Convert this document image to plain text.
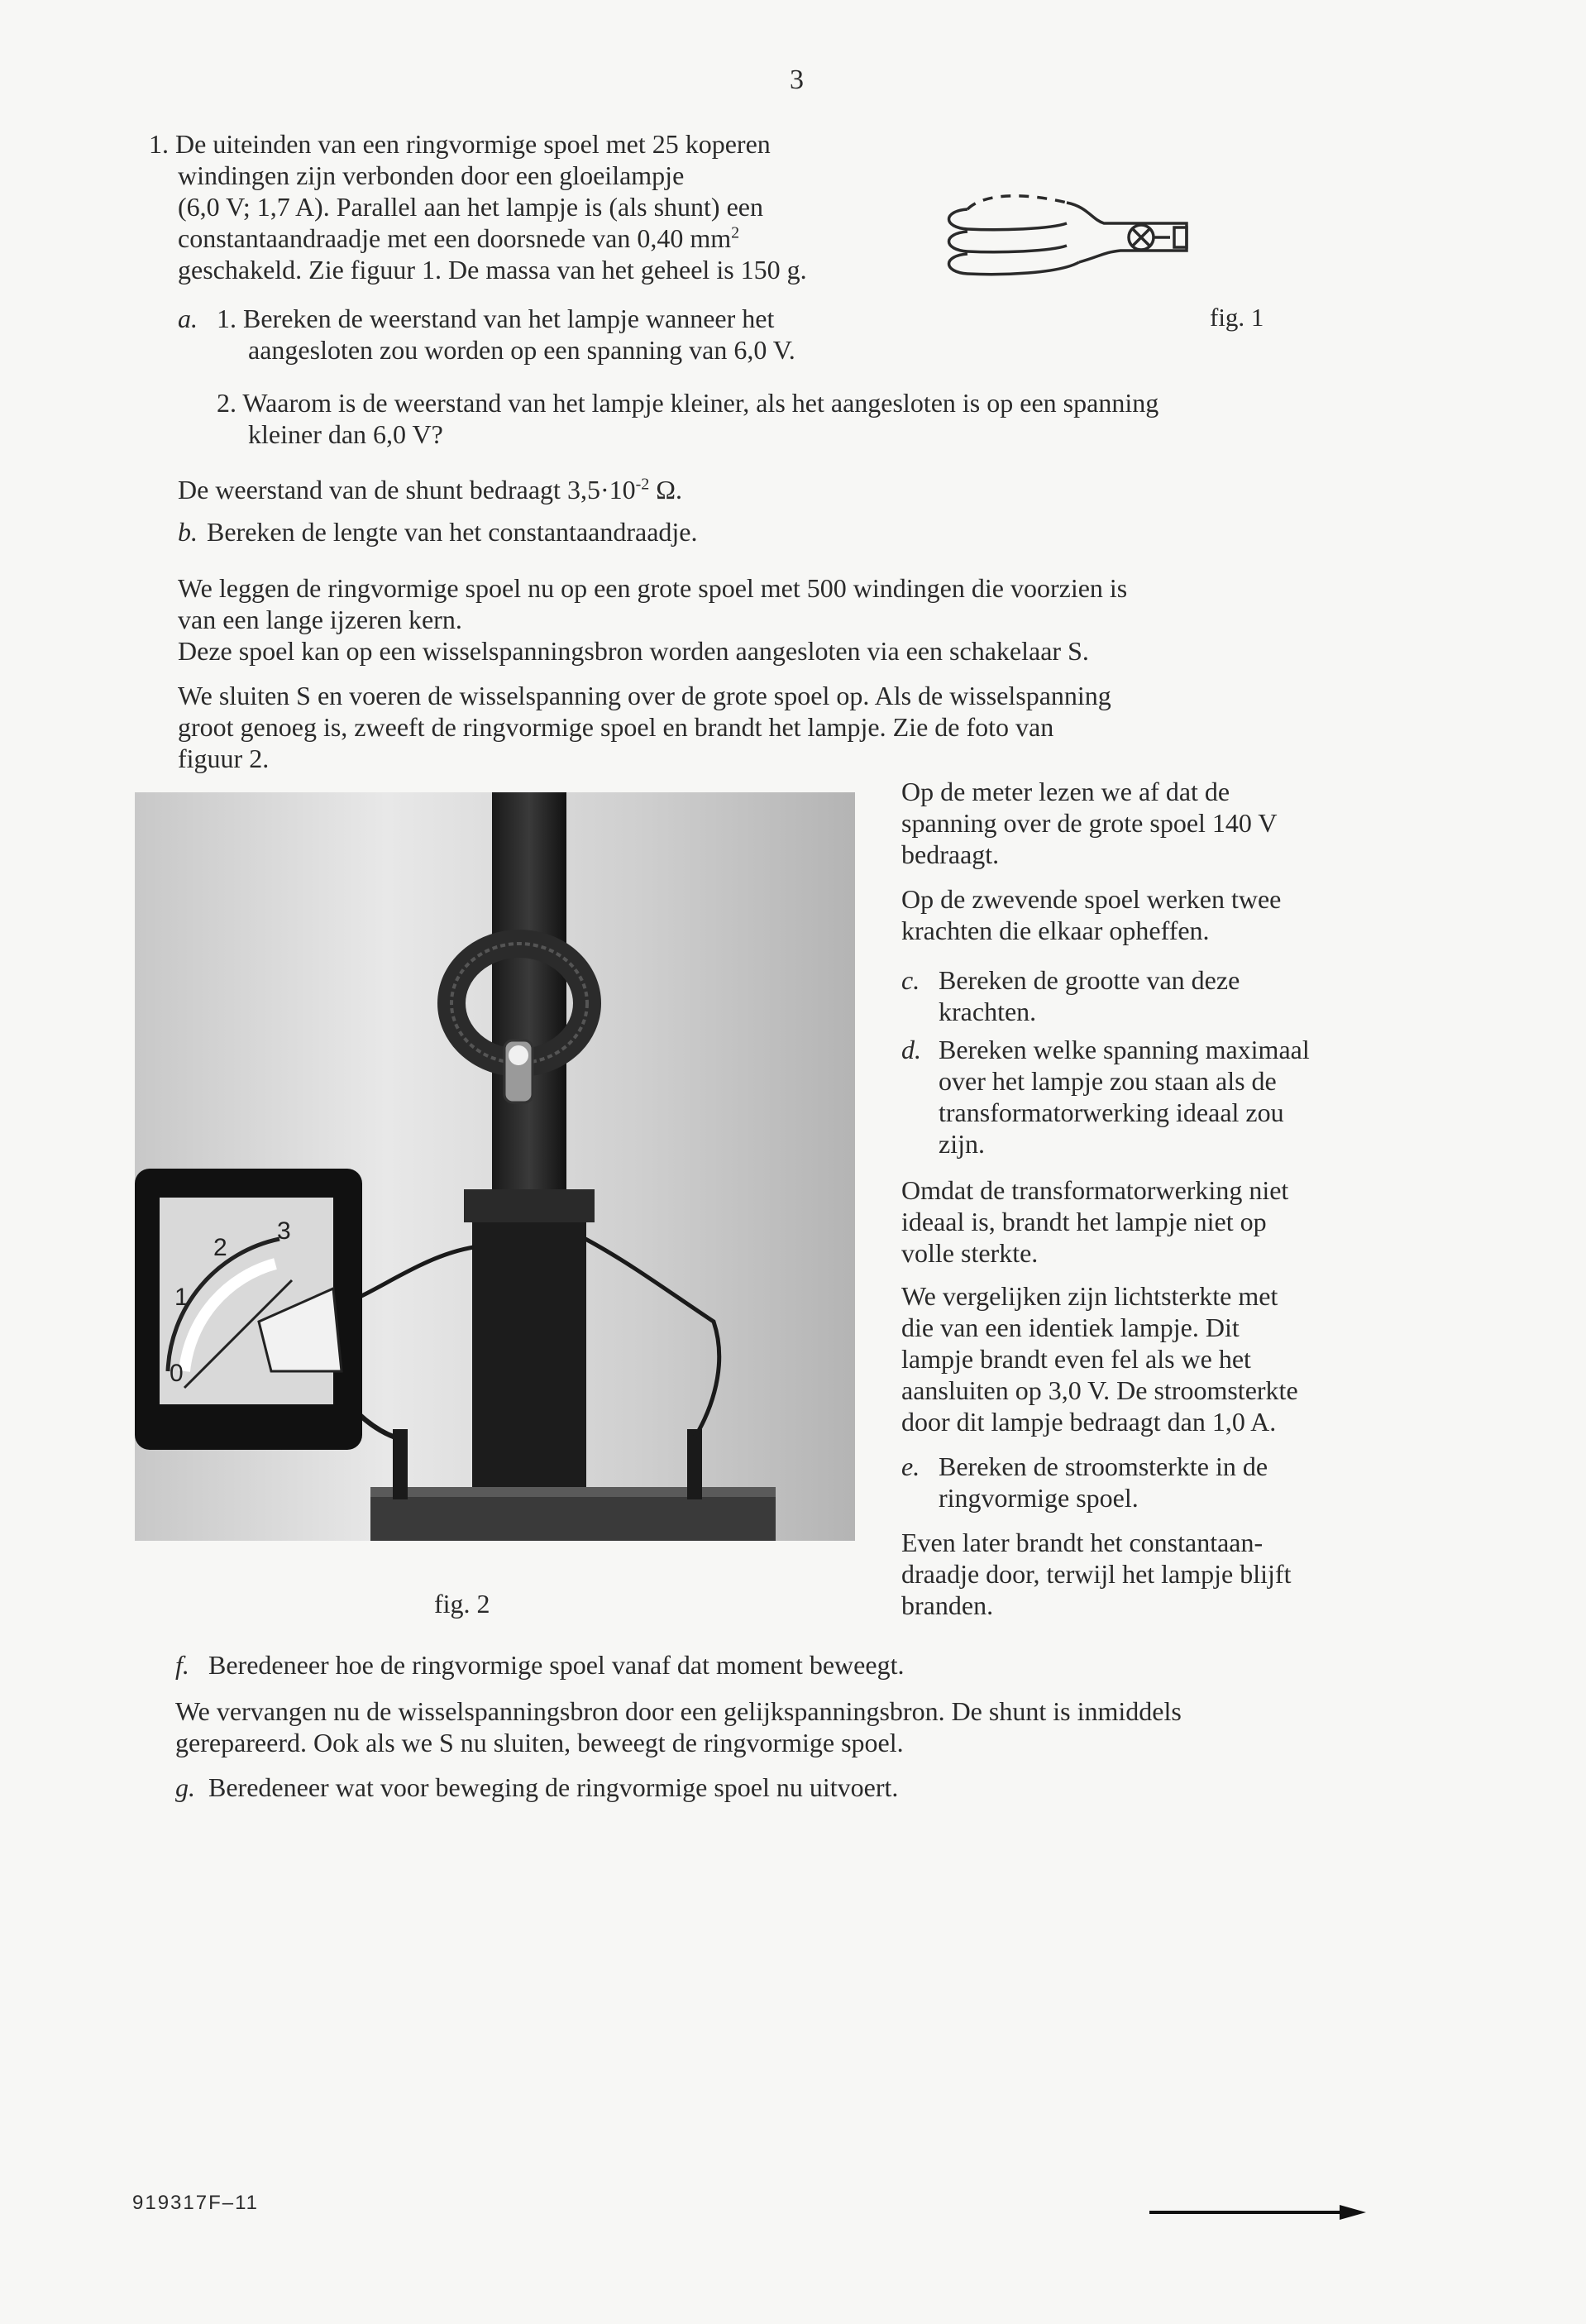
3
1. De uiteinden van een ringvormige spoel met 25 koperen
windingen zijn verbonden door een gloeilampje
(6,0 V; 1,7 A). Parallel aan het lampje is (als shunt) een
constantaandraadje met een doorsnede van 0,40 $mm^2$
geschakeld. Zie figuur 1. De massa van het geheel is 150 g.
fig. 1
a. 1. Bereken de weerstand van het lampje wanneer het
aangesloten zou worden op een spanning van 6,0 V.
2. Waarom is de weerstand van het lampje kleiner, als het aangesloten is op een spanning
kleiner dan 6,0 V?
De weerstand van de shunt bedraagt $3,5\cdot 10^{-2}$ Ω.
b. Bereken de lengte van het constantaandraadje.
We leggen de ringvormige spoel nu op een grote spoel met 500 windingen die voorzien is
van een lange ijzeren kern.
Deze spoel kan op een wisselspanningsbron worden aangesloten via een schakelaar S.
We sluiten S en voeren de wisselspanning over de grote spoel op. Als de wisselspanning
groot genoeg is, zweeft de ringvormige spoel en brandt het lampje. Zie de foto van
figuur 2.
0
1
2
3
Op de meter lezen we af dat de
spanning over de grote spoel 140 V
bedraagt.
Op de zwevende spoel werken twee
krachten die elkaar opheffen.
c. Bereken de grootte van deze
krachten.
d. Bereken welke spanning maximaal
over het lampje zou staan als de
transformatorwerking ideaal zou
zijn.
Omdat de transformatorwerking niet
ideaal is, brandt het lampje niet op
volle sterkte.
We vergelijken zijn lichtsterkte met
die van een identiek lampje. Dit
lampje brandt even fel als we het
aansluiten op 3,0 V. De stroomsterkte
door dit lampje bedraagt dan 1,0 A.
e. Bereken de stroomsterkte in de
ringvormige spoel.
Even later brandt het constantaan-
draadje door, terwijl het lampje blijft
branden.
fig. 2
f. Beredeneer hoe de ringvormige spoel vanaf dat moment beweegt.
We vervangen nu de wisselspanningsbron door een gelijkspanningsbron. De shunt is inmiddels
gerepareerd. Ook als we S nu sluiten, beweegt de ringvormige spoel.
g. Beredeneer wat voor beweging de ringvormige spoel nu uitvoert.
919317F–11
